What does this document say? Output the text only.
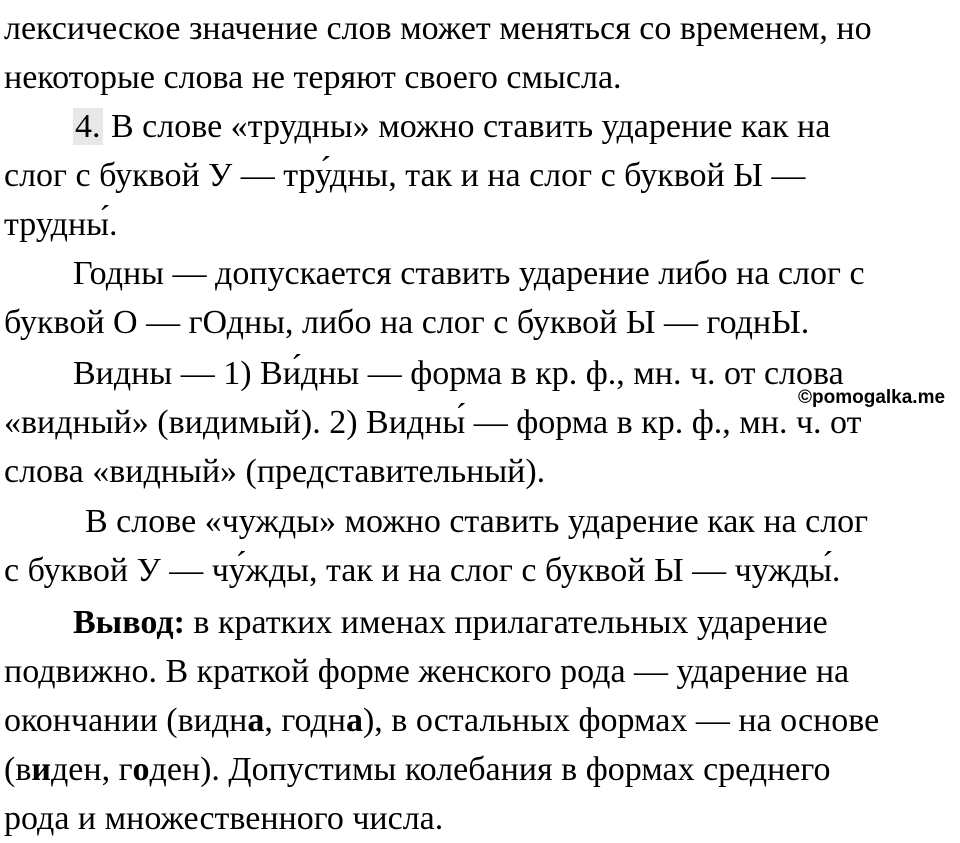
лексическое значение слов может меняться со временем, но
некоторые слова не теряют своего смысла.
4. В слове «трудны» можно ставить ударение как на
слог с буквой У — тру́дны, так и на слог с буквой Ы —
трудны́.
Годны — допускается ставить ударение либо на слог с
буквой О — гОдны, либо на слог с буквой Ы — годнЫ.
Видны — 1) Ви́дны — форма в кр. ф., мн. ч. от слова
«видный» (видимый). 2) Видны́ — форма в кр. ф., мн. ч. от
слова «видный» (представительный).
В слове «чужды» можно ставить ударение как на слог
с буквой У — чу́жды, так и на слог с буквой Ы — чужды́.
Вывод: в кратких именах прилагательных ударение
подвижно. В краткой форме женского рода — ударение на
окончании (видна, годна), в остальных формах — на основе
(виден, годен). Допустимы колебания в формах среднего
рода и множественного числа.
©pomogalka.me
